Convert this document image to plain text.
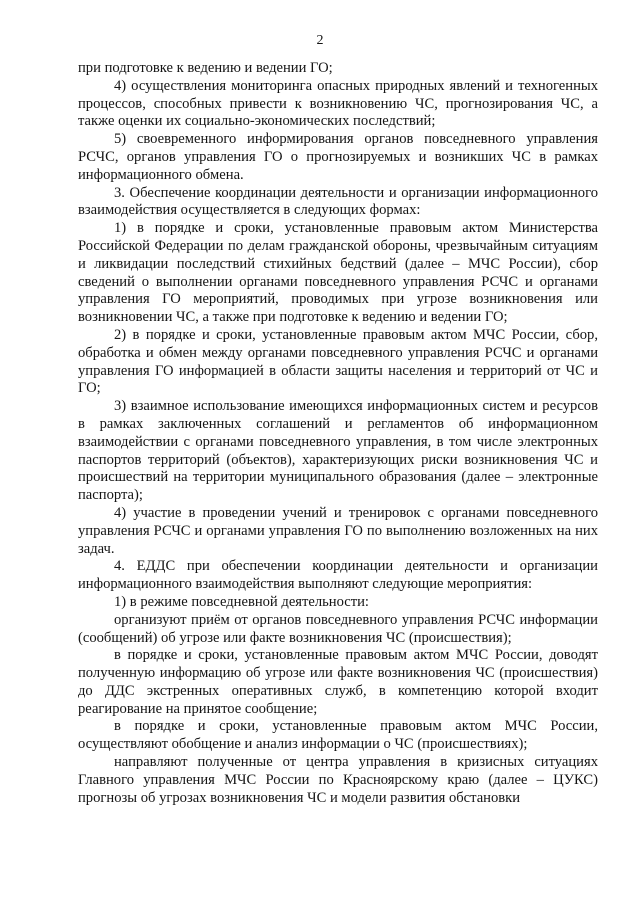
2

при подготовке к ведению и ведении ГО;

4) осуществления мониторинга опасных природных явлений и техногенных процессов, способных привести к возникновению ЧС, прогнозирования ЧС, а также оценки их социально-экономических последствий;

5) своевременного информирования органов повседневного управления РСЧС, органов управления ГО о прогнозируемых и возникших ЧС в рамках информационного обмена.

3. Обеспечение координации деятельности и организации информационного взаимодействия осуществляется в следующих формах:

1) в порядке и сроки, установленные правовым актом Министерства Российской Федерации по делам гражданской обороны, чрезвычайным ситуациям и ликвидации последствий стихийных бедствий (далее – МЧС России), сбор сведений о выполнении органами повседневного управления РСЧС и органами управления ГО мероприятий, проводимых при угрозе возникновения или возникновении ЧС, а также при подготовке к ведению и ведении ГО;

2) в порядке и сроки, установленные правовым актом МЧС России, сбор, обработка и обмен между органами повседневного управления РСЧС и органами управления ГО информацией в области защиты населения и территорий от ЧС и ГО;

3) взаимное использование имеющихся информационных систем и ресурсов в рамках заключенных соглашений и регламентов об информационном взаимодействии с органами повседневного управления, в том числе электронных паспортов территорий (объектов), характеризующих риски возникновения ЧС и происшествий на территории муниципального образования (далее – электронные паспорта);

4) участие в проведении учений и тренировок с органами повседневного управления РСЧС и органами управления ГО по выполнению возложенных на них задач.

4. ЕДДС при обеспечении координации деятельности и организации информационного взаимодействия выполняют следующие мероприятия:

1) в режиме повседневной деятельности:

организуют приём от органов повседневного управления РСЧС информации (сообщений) об угрозе или факте возникновения ЧС (происшествия);

в порядке и сроки, установленные правовым актом МЧС России, доводят полученную информацию об угрозе или факте возникновения ЧС (происшествия) до ДДС экстренных оперативных служб, в компетенцию которой входит реагирование на принятое сообщение;

в порядке и сроки, установленные правовым актом МЧС России, осуществляют обобщение и анализ информации о ЧС (происшествиях);

направляют полученные от центра управления в кризисных ситуациях Главного управления МЧС России по Красноярскому краю (далее – ЦУКС) прогнозы об угрозах возникновения ЧС и модели развития обстановки
